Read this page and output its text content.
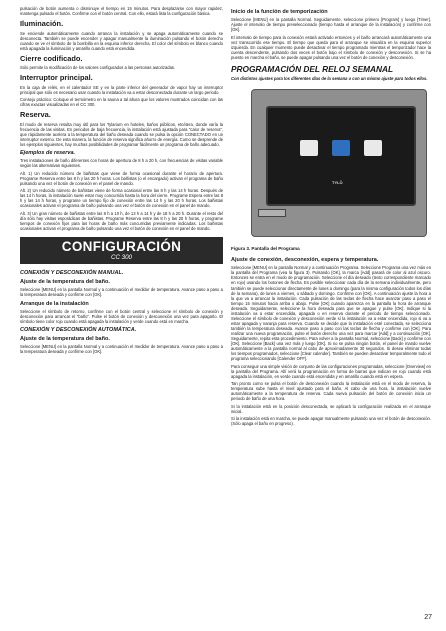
pulsación de botón aumenta o disminuye el tiempo en 15 minutos. Para desplazarse con mayor rapidez, mantenga pulsado el botón. Confirme con el botón central. Con ello, estará lista la configuración básica.

Iluminación.

Se enciende automáticamente cuando arranca la instalación y se apaga automáticamente cuando se desconecta. También se puede encender y apagar manualmente la iluminación pulsando el botón derecho cuando se ve el símbolo de la bombilla en la esquina inferior derecha. El color del símbolo es blanco cuando está apagada la iluminación y amarillo cuando está encendida.

Cierre codificado.

Sólo permite la modificación de los valores configurados a las personas autorizadas.

Interruptor principal.

En la caja de relés, en el calentador SE y en la parte inferior del generador de vapor hay un interruptor principal que sólo es necesario usar cuando la instalación va a estar desconectada durante un largo periodo.

Consejo práctico: Coloque el termómetro en la sauna a tal altura que los valores mostrados coincidan con las cifras exactas visualizadas en el CC 300.

Reserva.

El modo de reserva resulta muy útil para los Tylarium en hoteles, baños públicos, etcétera, donde varía la frecuencia de las visitas. En periodos de baja frecuencia, la instalación está ajustada para "calor de reserva", que rápidamente acelera a la temperatura del baño deseada cuando se pulsa la opción CONECTADO en un interruptor externo. De esta manera, la función de reserva significa ahorro de energía. Como se desprende de los ejemplos siguientes, hay muchas posibilidades de programar fácilmente un programa de baño adecuado.

Ejemplos de reserva.

Tres instalaciones de baño diferentes con horas de apertura de 8 h a 20 h, con frecuencias de visitas variable según las alternativas siguientes.

Alt. 1) Un reducido número de bañistas que viene de forma ocasional durante el horario de apertura. Programe Reserva entre las 8 h y las 20 h horas. Los bañistas (o el encargado) activan el programa de baño pulsando una vez el botón de conexión en el panel de mando.

Alt. 2) Un reducido número de bañistas viene de forma ocasional entre las 8 h y las 14 h horas. Después de las 14 h horas, la instalación suele estar muy concurrida hasta la hora del cierre. Programe Espera entre las 8 h y las 14 h horas, y programe un tiempo fijo de conexión entre las 14 h y las 20 h horas. Los bañistas ocasionales activan el programa de baño pulsando una vez el botón de conexión en el panel de mando.

Alt. 3) Un gran número de bañistas entre las 8 h a 10 h, de 13 h a 14 h y de 18 h a 20 h. Durante el resto del día sólo hay visitas esporádicas de bañistas. Programe Reserva entre las 8 h y las 20 h horas, y programe tiempos de conexión fijos para las horas de baño más concurridas previamente indicadas. Los bañistas ocasionales activan el programa de baño pulsando una vez el botón de conexión en el panel de mando.

CONFIGURACIÓN
CC 300
CONEXIÓN Y DESCONEXIÓN MANUAL.
Ajuste de la temperatura del baño.

Seleccione [MENU] en la pantalla Normal y a continuación el medidor de temperatura. Avance paso a paso a la temperatura deseada y confirme con [OK].

Arranque de la instalación

Seleccione el símbolo de retorno, confirme con el botón central y seleccione el símbolo de conexión y desconexión para arrancar el "baño". Pulse el botón de conexión y desconexión una vez para apagarlo. El símbolo tiene color rojo cuando está apagada la instalación y verde cuando está en marcha.

CONEXIÓN Y DESCONEXIÓN AUTOMÁTICA.
Ajuste de la temperatura del baño.

Seleccione [MENU] en la pantalla Normal y a continuación el medidor de temperatura. Avance paso a paso a la temperatura deseada y confirme con [OK].

Inicio de la función de temporización

Seleccione [MENU] en la pantalla Normal. Seguidamente, seleccione primero [Program] y luego [Timer]. Ajuste el intervalo de tiempo preseleccionado (tiempo hasta el arranque de la instalación) y confirme con [OK].

El intervalo de tiempo para la conexión estará activado entonces y el baño arrancará automáticamente una vez transcurrido ese tiempo. El tiempo que queda para el arranque se visualiza en la esquina superior izquierda. En cualquier momento puede desactivar el tiempo programado mientras el temporizador hace la cuenta descendente, pulsando dos veces el botón bajo el símbolo de conexión y desconexión. Si se ha puesto en marcha el baño, se puede apagar pulsando una vez el botón de conexión y desconexión.

PROGRAMACIÓN DEL RELOJ SEMANAL

Con distintos ajustes para los diferentes días de la semana o con un mismo ajuste para todos ellos.

TYLÖ
Figura 3. Pantalla del Programa
Ajuste de conexión, desconexión, espera y temperatura.

Seleccione [MENU] en la pantalla Normal y a continuación Programa. Seleccione Programa una vez más en la pantalla del Programa (vea la figura 3). Pulsando [OK], la marca [Add] pasará de color al azul oscuro. Entonces se entra en el modo de programación. Seleccione el día deseado (texto correspondiente marcado en rojo) usando los botones de flecha. Es posible seleccionar cada día de la semana individualmente, pero también se puede seleccionar directamente de lunes a domingo (para la misma configuración todos los días de la semana), de lunes a viernes, o sábado y domingo. Confirme con [OK]. A continuación ajuste la hora a la que va a arrancar la instalación. Cada pulsación de las teclas de flecha hace avanzar paso a paso el tiempo 15 minutos hacia arriba o abajo. Pulse [OK] cuando aparezca en la pantalla la hora de arranque deseada. Seguidamente, seleccione la hora deseada para que se apague y pulse [OK]. Indique si la instalación va a estar encendida, apagada o en reserva durante el periodo de tiempo seleccionado. Seleccione el símbolo de conexión y desconexión verde si la instalación va a estar encendida, rojo si va a estar apagada y naranja para reserva. Cuando se decide que la instalación esté conectada, se selecciona también la temperatura deseada. Avance paso a paso con las teclas de flecha y confirme con [OK]. Para realizar una nueva programación, pulse el botón derecho una vez para marcar [Add] y a continuación [OK]. Seguidamente, repita esta procedimiento. Para volver a la pantalla Normal, seleccione [Back] y confirme con [OK]. Seleccione [Back] una vez más y luego [OK]. Si no se pulsa ningún botón, el panel de mando vuelve automáticamente a la pantalla normal al cabo de aproximadamente 30 segundos. Si desea eliminar todas los tiempos programados, seleccione [Clear calender]. También se pueden desactivar temporalmente todo el programa seleccionando [Calender OFF].

Para conseguir una simple visión de conjunto de las configuraciones programadas, seleccione [Overview] en la pantalla del Programa. Allí verá la programación en forma de barras que indican en rojo cuando está apagada la instalación, en verde cuando está encendida y en amarillo cuando está en espera.

Tan pronto como se pulsa el botón de desconexión cuando la instalación está en el modo de reserva, la temperatura sube hasta el nivel ajustado para el baño. Al cabo de una hora, la instalación vuelve automáticamente a la temperatura de reserva. Cada nueva pulsación del botón de conexión inicia un periodo de baño de una hora.

Si la instalación está en la posición desconectada, se aplicará la configuración realizada en el arranque inicial.

Si la instalación está en marcha, se puede apagar manualmente pulsando una vez el botón de desconexión. (Sólo apaga el baño en progreso).

27
